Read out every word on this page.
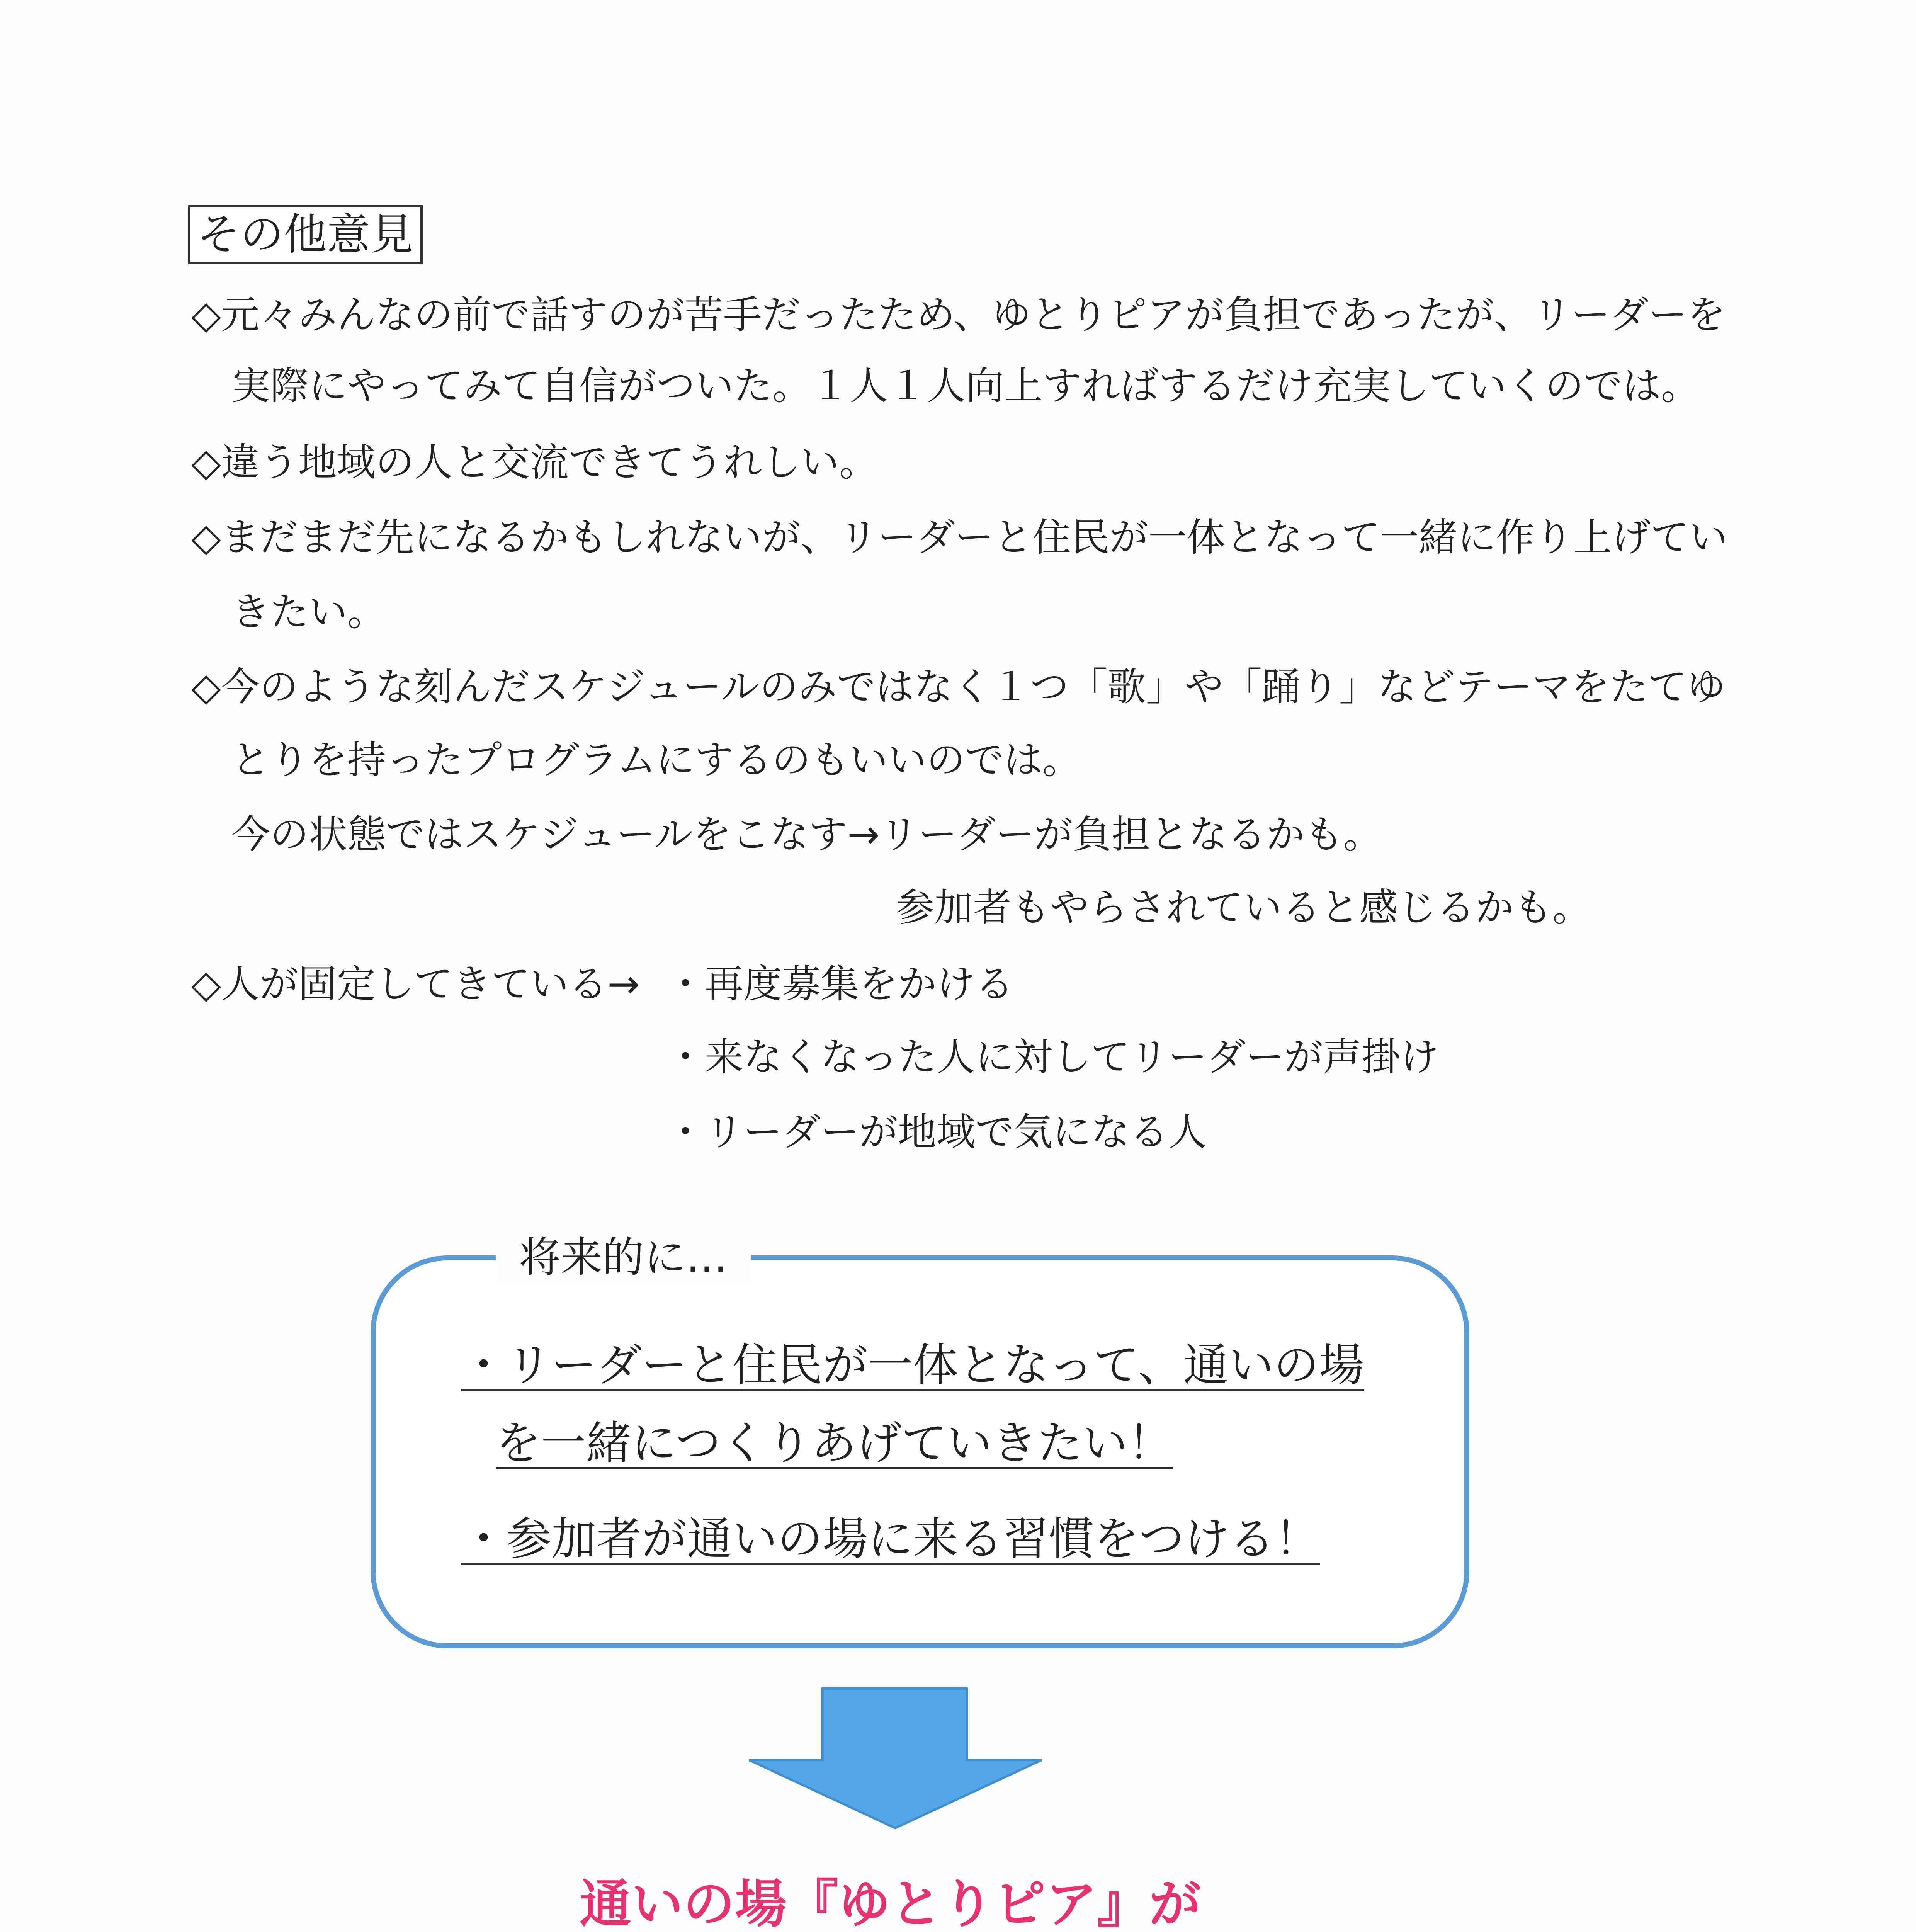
その他意見
◇元々みんなの前で話すのが苦手だったため、ゆとりピアが負担であったが、リーダーを
実際にやってみて自信がついた。１人１人向上すればするだけ充実していくのでは。
◇違う地域の人と交流できてうれしい。
◇まだまだ先になるかもしれないが、リーダーと住民が一体となって一緒に作り上げてい
きたい。
◇今のような刻んだスケジュールのみではなく１つ「歌」や「踊り」などテーマをたてゆ
とりを持ったプログラムにするのもいいのでは。
今の状態ではスケジュールをこなす→リーダーが負担となるかも。
参加者もやらされていると感じるかも。
◇人が固定してきている→ ・再度募集をかける
・来なくなった人に対してリーダーが声掛け
・リーダーが地域で気になる人
将来的に…
・リーダーと住民が一体となって、通いの場
を一緒につくりあげていきたい！
・参加者が通いの場に来る習慣をつける！
通いの場『ゆとりピア』が
